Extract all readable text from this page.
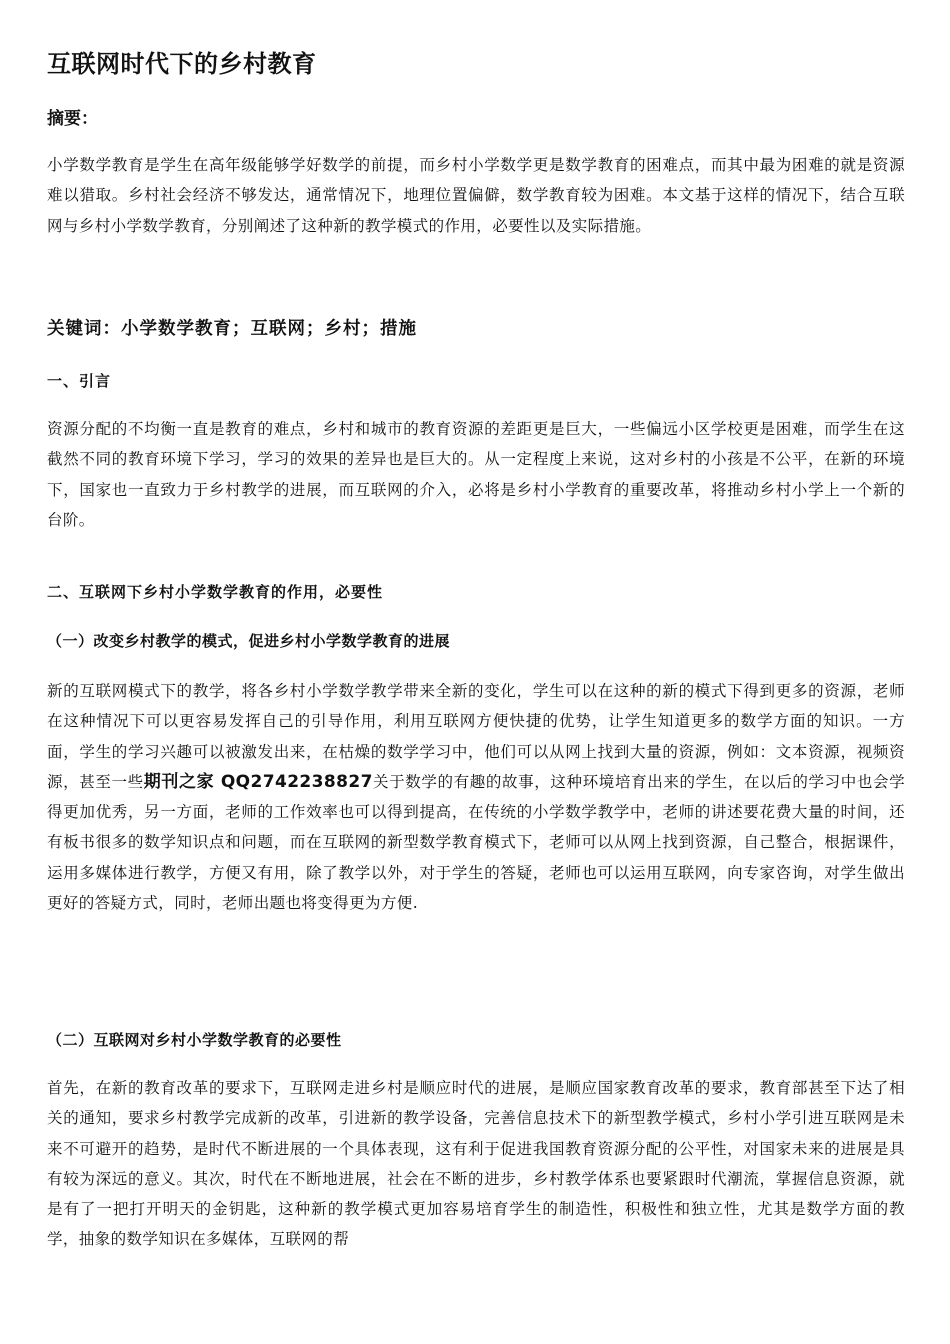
互联网时代下的乡村教育
摘要：

小学数学教育是学生在高年级能够学好数学的前提，而乡村小学数学更是数学教育的困难点，而其中最为困难的就是资源难以猎取。乡村社会经济不够发达，通常情况下，地理位置偏僻，数学教育较为困难。本文基于这样的情况下，结合互联网与乡村小学数学教育，分别阐述了这种新的教学模式的作用，必要性以及实际措施。

关键词：小学数学教育；互联网；乡村；措施
一、引言

资源分配的不均衡一直是教育的难点，乡村和城市的教育资源的差距更是巨大，一些偏远小区学校更是困难，而学生在这截然不同的教育环境下学习，学习的效果的差异也是巨大的。从一定程度上来说，这对乡村的小孩是不公平，在新的环境下，国家也一直致力于乡村教学的进展，而互联网的介入，必将是乡村小学教育的重要改革，将推动乡村小学上一个新的台阶。

二、互联网下乡村小学数学教育的作用，必要性
（一）改变乡村教学的模式，促进乡村小学数学教育的进展

新的互联网模式下的教学，将各乡村小学数学教学带来全新的变化，学生可以在这种的新的模式下得到更多的资源，老师在这种情况下可以更容易发挥自己的引导作用，利用互联网方便快捷的优势，让学生知道更多的数学方面的知识。一方面，学生的学习兴趣可以被激发出来，在枯燥的数学学习中，他们可以从网上找到大量的资源，例如：文本资源，视频资源，甚至一些期刊之家 QQ2742238827关于数学的有趣的故事，这种环境培育出来的学生，在以后的学习中也会学得更加优秀，另一方面，老师的工作效率也可以得到提高，在传统的小学数学教学中，老师的讲述要花费大量的时间，还有板书很多的数学知识点和问题，而在互联网的新型数学教育模式下，老师可以从网上找到资源，自己整合，根据课件，运用多媒体进行教学，方便又有用，除了教学以外，对于学生的答疑，老师也可以运用互联网，向专家咨询，对学生做出更好的答疑方式，同时，老师出题也将变得更为方便.

（二）互联网对乡村小学数学教育的必要性

首先，在新的教育改革的要求下，互联网走进乡村是顺应时代的进展，是顺应国家教育改革的要求，教育部甚至下达了相关的通知，要求乡村教学完成新的改革，引进新的教学设备，完善信息技术下的新型教学模式，乡村小学引进互联网是未来不可避开的趋势，是时代不断进展的一个具体表现，这有利于促进我国教育资源分配的公平性，对国家未来的进展是具有较为深远的意义。其次，时代在不断地进展，社会在不断的进步，乡村教学体系也要紧跟时代潮流，掌握信息资源，就是有了一把打开明天的金钥匙，这种新的教学模式更加容易培育学生的制造性，积极性和独立性，尤其是数学方面的教学，抽象的数学知识在多媒体，互联网的帮
